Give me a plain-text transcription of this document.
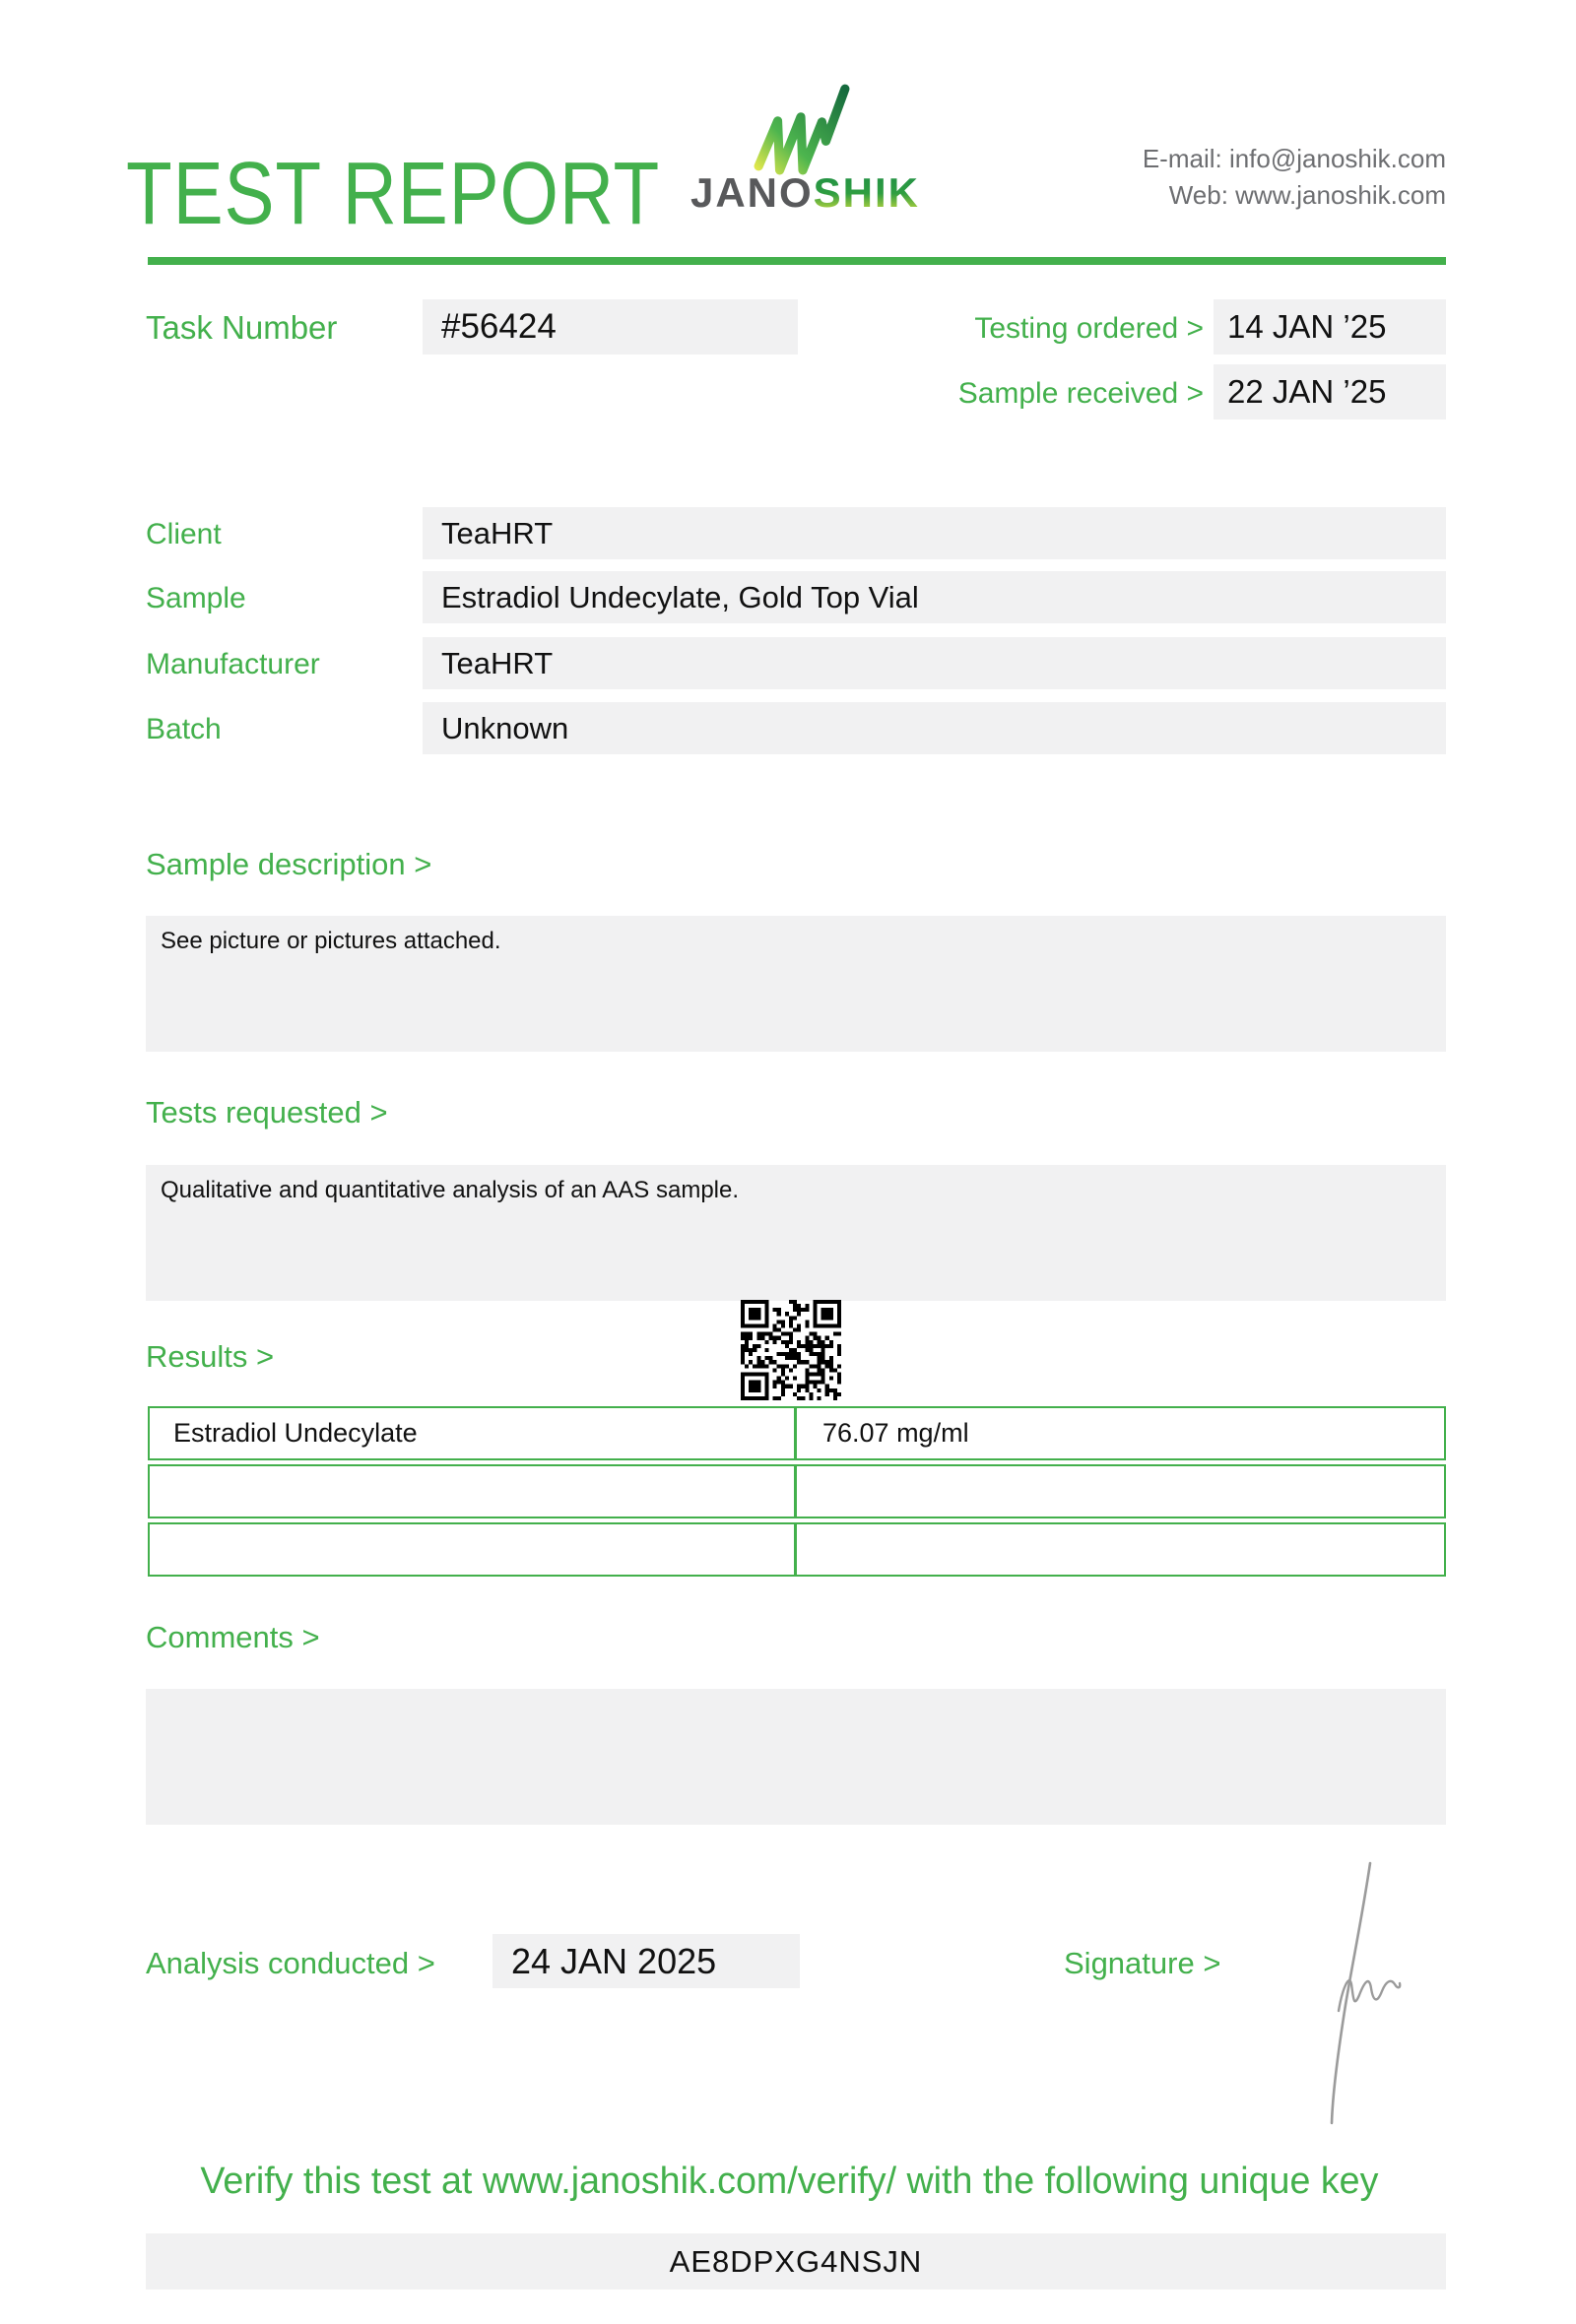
TEST REPORT JANOSHIK
E-mail: info@janoshik.com
Web: www.janoshik.com
Task Number	#56424	Testing ordered > 14 JAN ’25
Sample received > 22 JAN ’25
Client	TeaHRT
Sample	Estradiol Undecylate, Gold Top Vial
Manufacturer	TeaHRT
Batch	Unknown
Sample description >
See picture or pictures attached.
Tests requested >
Qualitative and quantitative analysis of an AAS sample.
Results >
Estradiol Undecylate	76.07 mg/ml
Comments >
Analysis conducted >	24 JAN 2025	Signature >
Verify this test at www.janoshik.com/verify/ with the following unique key
AE8DPXG4NSJN
